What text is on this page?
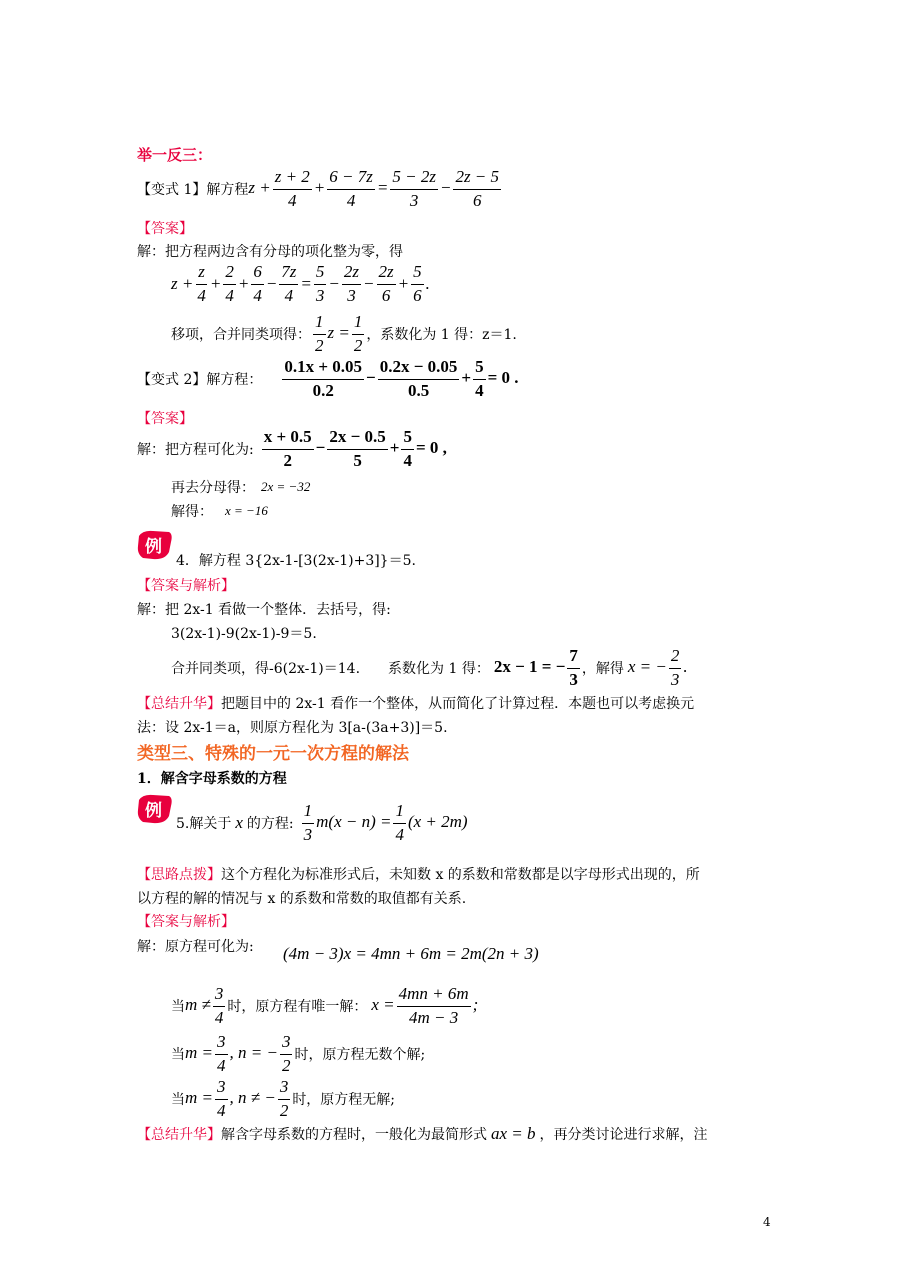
举一反三：
【变式 1】解方程 $z + \frac{z + 2}{4} + \frac{6 - 7z}{4} = \frac{5 - 2z}{3} - \frac{2z - 5}{6}$
【答案】
解：把方程两边含有分母的项化整为零，得
$z + \frac{z}{4} + \frac{2}{4} + \frac{6}{4} - \frac{7z}{4} = \frac{5}{3} - \frac{2z}{3} - \frac{2z}{6} + \frac{5}{6}$ .
移项，合并同类项得： $\frac{1}{2}$ $z = \frac{1}{2}$ ，系数化为 1 得：z＝1.
【变式 2】解方程： $\frac{0.1x + 0.05}{0.2} - \frac{0.2x - 0.05}{0.5} + \frac{5}{4} = 0$ .
【答案】
解：把方程可化为: $\frac{x + 0.5}{2} - \frac{2x - 0.5}{5} + \frac{5}{4} = 0$ ,
再去分母得： 2x = −32
解得： x = −16
例
4．解方程 3{2x-1-[3(2x-1)+3]}＝5.
【答案与解析】
解：把 2x-1 看做一个整体．去括号，得:
3(2x-1)-9(2x-1)-9＝5.
合并同类项，得-6(2x-1)＝14.　　系数化为 1 得： 2x − 1 = − $\frac{7}{3}$ ，解得 x = − $\frac{2}{3}$ .
【总结升华】把题目中的 2x-1 看作一个整体，从而简化了计算过程．本题也可以考虑换元
法：设 2x-1＝a，则原方程化为 3[a-(3a+3)]＝5.
类型三、特殊的一元一次方程的解法
1．解含字母系数的方程
例
5.解关于 x 的方程: $\frac{1}{3} m(x - n) = \frac{1}{4} (x + 2m)$
【思路点拨】这个方程化为标准形式后，未知数 x 的系数和常数都是以字母形式出现的，所
以方程的解的情况与 x 的系数和常数的取值都有关系.
【答案与解析】
解：原方程可化为: (4m − 3)x = 4mn + 6m = 2m(2n + 3)
当 $m \ne \frac{3}{4}$ 时，原方程有唯一解： $x = \frac{4mn + 6m}{4m - 3}$ ;
当 $m = \frac{3}{4}$ , n = − $\frac{3}{2}$ 时，原方程无数个解;
当 $m = \frac{3}{4}$ , n ≠ − $\frac{3}{2}$ 时，原方程无解;
【总结升华】 解含字母系数的方程时，一般化为最简形式 ax = b ，再分类讨论进行求解，注
4
